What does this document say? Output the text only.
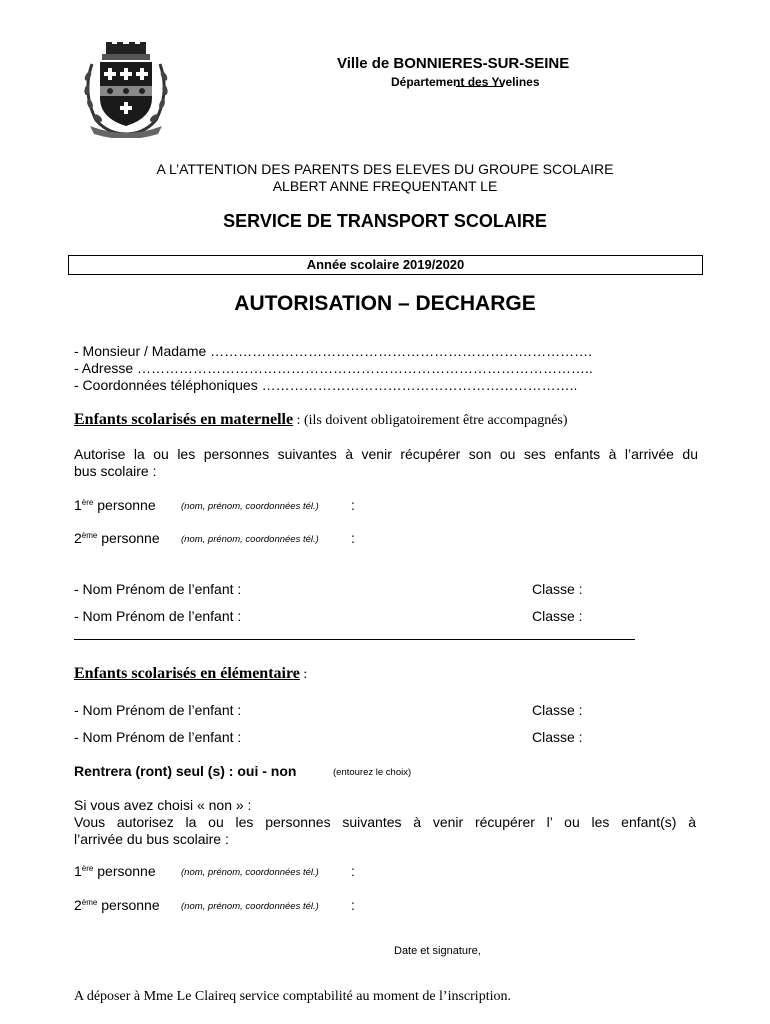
Ville de BONNIERES-SUR-SEINE
Département des Yvelines
A L’ATTENTION DES PARENTS DES ELEVES DU GROUPE SCOLAIRE
ALBERT ANNE FREQUENTANT LE
SERVICE DE TRANSPORT SCOLAIRE
Année scolaire 2019/2020
AUTORISATION – DECHARGE
- Monsieur / Madame ……………………………………………………………………….
- Adresse ……………………………………………………………………………………..
- Coordonnées téléphoniques …………………………………………………………..
Enfants scolarisés en maternelle : (ils doivent obligatoirement être accompagnés)
Autorise la ou les personnes suivantes à venir récupérer son ou ses enfants à l’arrivée du
bus scolaire :
1ère personne	(nom, prénom, coordonnées tél.) :
2ème personne (nom, prénom, coordonnées tél.) :
- Nom Prénom de l’enfant :	Classe :
- Nom Prénom de l’enfant :	Classe :
Enfants scolarisés en élémentaire :
- Nom Prénom de l’enfant :	Classe :
- Nom Prénom de l’enfant :	Classe :
Rentrera (ront) seul (s) : oui - non	(entourez le choix)
Si vous avez choisi « non » :
Vous autorisez la ou les personnes suivantes à venir récupérer l’ ou les enfant(s) à
l’arrivée du bus scolaire :
1ère personne	(nom, prénom, coordonnées tél.) :
2ème personne (nom, prénom, coordonnées tél.) :
Date et signature,
A déposer à Mme Le Claireq service comptabilité au moment de l’inscription.
